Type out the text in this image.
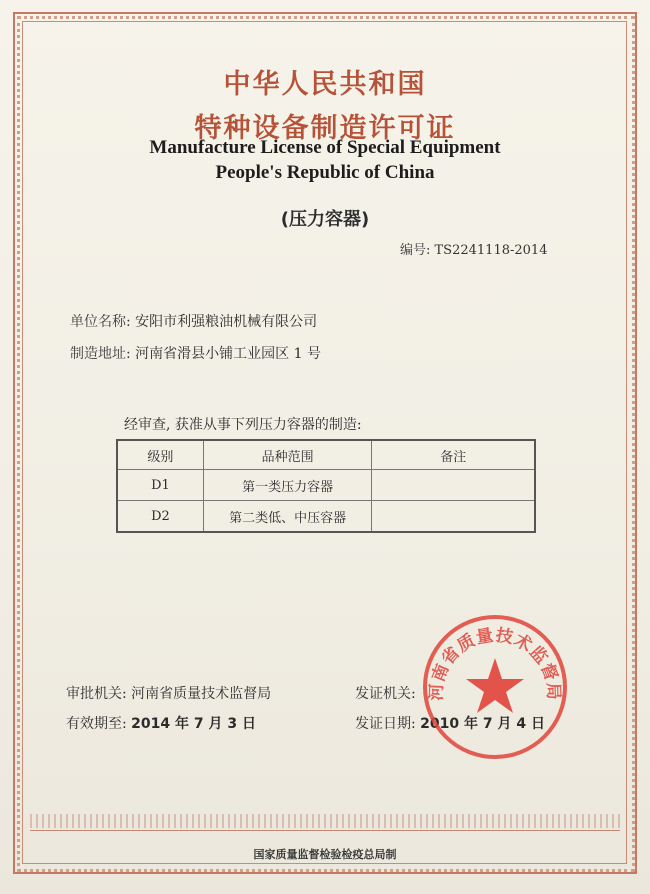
中华人民共和国
特种设备制造许可证
Manufacture License of Special Equipment
People's Republic of China
(压力容器)
编号: TS2241118-2014
单位名称: 安阳市利强粮油机械有限公司
制造地址: 河南省滑县小铺工业园区 1 号
经审查, 获准从事下列压力容器的制造:
级别	品种范围	备注
D1	第一类压力容器	
D2	第二类低、中压容器	
审批机关: 河南省质量技术监督局	发证机关:
有效期至: 2014 年 7 月 3 日	发证日期: 2010 年 7 月 4 日
河南省质量技术监督局
国家质量监督检验检疫总局制
